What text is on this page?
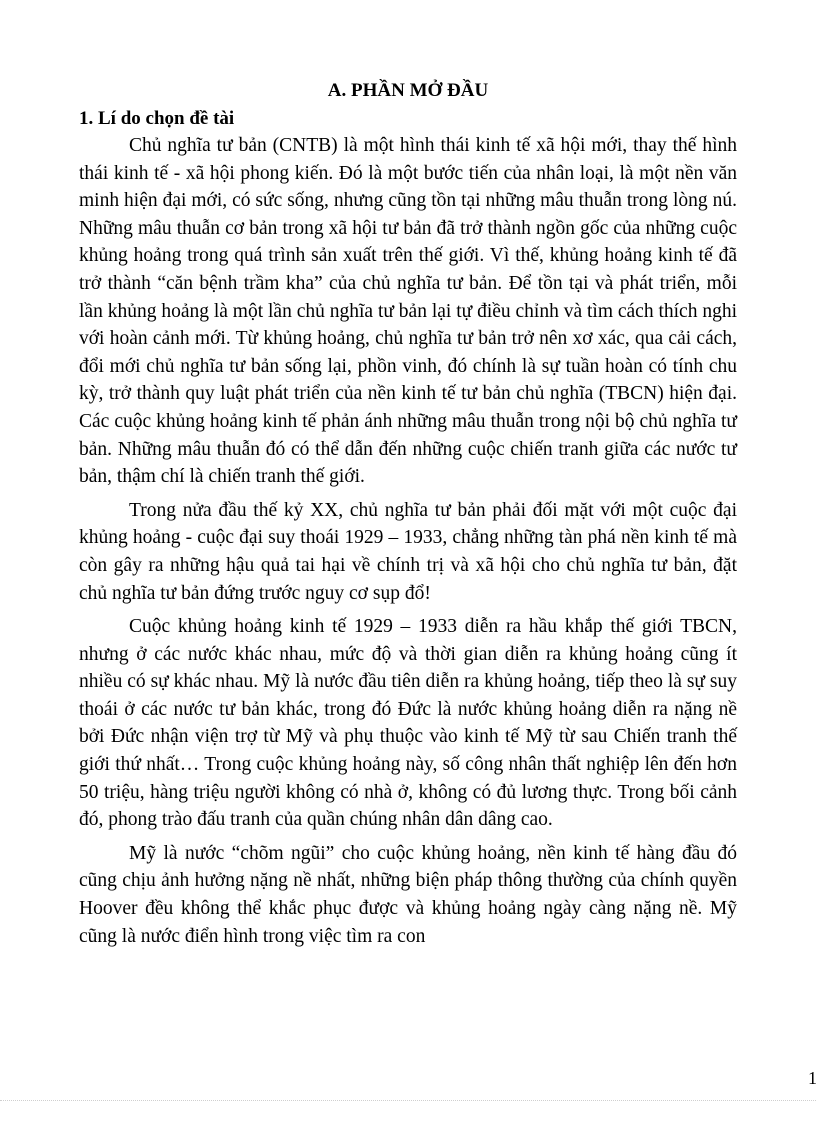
A. PHẦN MỞ ĐẦU
1. Lí do chọn đề tài

Chủ nghĩa tư bản (CNTB) là một hình thái kinh tế xã hội mới, thay thế hình thái kinh tế - xã hội phong kiến. Đó là một bước tiến của nhân loại, là một nền văn minh hiện đại mới, có sức sống, nhưng cũng tồn tại những mâu thuẫn trong lòng nú. Những mâu thuẫn cơ bản trong xã hội tư bản đã trở thành ngồn gốc của những cuộc khủng hoảng trong quá trình sản xuất trên thế giới. Vì thế, khủng hoảng kinh tế đã trở thành “căn bệnh trầm kha” của chủ nghĩa tư bản. Để tồn tại và phát triển, mỗi lần khủng hoảng là một lần chủ nghĩa tư bản lại tự điều chỉnh và tìm cách thích nghi với hoàn cảnh mới. Từ khủng hoảng, chủ nghĩa tư bản trở nên xơ xác, qua cải cách, đổi mới chủ nghĩa tư bản sống lại, phồn vinh, đó chính là sự tuần hoàn có tính chu kỳ, trở thành quy luật phát triển của nền kinh tế tư bản chủ nghĩa (TBCN) hiện đại. Các cuộc khủng hoảng kinh tế phản ánh những mâu thuẫn trong nội bộ chủ nghĩa tư bản. Những mâu thuẫn đó có thể dẫn đến những cuộc chiến tranh giữa các nước tư bản, thậm chí là chiến tranh thế giới.

Trong nửa đầu thế kỷ XX, chủ nghĩa tư bản phải đối mặt với một cuộc đại khủng hoảng - cuộc đại suy thoái 1929 – 1933, chẳng những tàn phá nền kinh tế mà còn gây ra những hậu quả tai hại về chính trị và xã hội cho chủ nghĩa tư bản, đặt chủ nghĩa tư bản đứng trước nguy cơ sụp đổ!

Cuộc khủng hoảng kinh tế 1929 – 1933 diễn ra hầu khắp thế giới TBCN, nhưng ở các nước khác nhau, mức độ và thời gian diễn ra khủng hoảng cũng ít nhiều có sự khác nhau. Mỹ là nước đầu tiên diễn ra khủng hoảng, tiếp theo là sự suy thoái ở các nước tư bản khác, trong đó Đức là nước khủng hoảng diễn ra nặng nề bởi Đức nhận viện trợ từ Mỹ và phụ thuộc vào kinh tế Mỹ từ sau Chiến tranh thế giới thứ nhất… Trong cuộc khủng hoảng này, số công nhân thất nghiệp lên đến hơn 50 triệu, hàng triệu người không có nhà ở, không có đủ lương thực. Trong bối cảnh đó, phong trào đấu tranh của quần chúng nhân dân dâng cao.

Mỹ là nước “chõm ngũi” cho cuộc khủng hoảng, nền kinh tế hàng đầu đó cũng chịu ảnh hưởng nặng nề nhất, những biện pháp thông thường của chính quyền Hoover đều không thể khắc phục được và khủng hoảng ngày càng nặng nề. Mỹ cũng là nước điển hình trong việc tìm ra con

1
